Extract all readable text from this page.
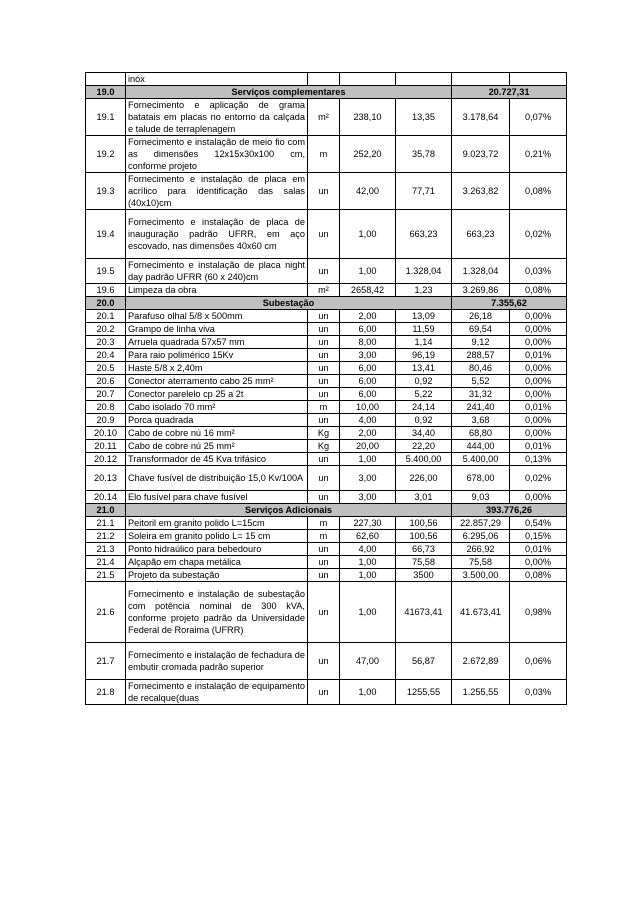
	inóx					
19.0	Serviços complementares				20.727,31	
19.1	Fornecimento e aplicação de grama batatais em placas no entorno da calçada e talude de terraplenagem	m²	238,10	13,35	3.178,64	0,07%
19.2	Fornecimento e instalação de meio fio com as dimensões 12x15x30x100 cm, conforme projeto	m	252,20	35,78	9.023,72	0,21%
19.3	Fornecimento e instalação de placa em acrílico para identificação das salas (40x10)cm	un	42,00	77,71	3.263,82	0,08%
19.4	Fornecimento e instalação de placa de inauguração padrão UFRR, em aço escovado, nas dimensões 40x60 cm	un	1,00	663,23	663,23	0,02%
19.5	Fornecimento e instalação de placa night day padrão UFRR (60 x 240)cm	un	1,00	1.328,04	1.328,04	0,03%
19.6	Limpeza da obra	m²	2658,42	1,23	3.269,86	0,08%
20.0	Subestação				7.355,62	
20.1	Parafuso olhal 5/8 x 500mm	un	2,00	13,09	26,18	0,00%
20.2	Grampo de linha viva	un	6,00	11,59	69,54	0,00%
20.3	Arruela quadrada 57x57 mm	un	8,00	1,14	9,12	0,00%
20.4	Para raio polimérico 15Kv	un	3,00	96,19	288,57	0,01%
20.5	Haste 5/8 x 2,40m	un	6,00	13,41	80,46	0,00%
20.6	Conector aterramento cabo 25 mm²	un	6,00	0,92	5,52	0,00%
20.7	Conector parelelo cp 25 a 2t	un	6,00	5,22	31,32	0,00%
20.8	Cabo isolado 70 mm²	m	10,00	24,14	241,40	0,01%
20.9	Porca quadrada	un	4,00	0,92	3,68	0,00%
20.10	Cabo de cobre nú 16 mm²	Kg	2,00	34,40	68,80	0,00%
20.11	Cabo de cobre nú 25 mm²	Kg	20,00	22,20	444,00	0,01%
20.12	Transformador de 45 Kva trifásico	un	1,00	5.400,00	5.400,00	0,13%
20.13	Chave fusível de distribuição 15,0 Kv/100A	un	3,00	226,00	678,00	0,02%
20.14	Elo fusível para chave fusível	un	3,00	3,01	9,03	0,00%
21.0	Serviços Adicionais				393.776,26	
21.1	Peitoril em granito polido L=15cm	m	227,30	100,56	22.857,29	0,54%
21.2	Soleira em granito polido L= 15 cm	m	62,60	100,56	6.295,06	0,15%
21.3	Ponto hidraúlico para bebedouro	un	4,00	66,73	266,92	0,01%
21.4	Alçapão em chapa metálica	un	1,00	75,58	75,58	0,00%
21.5	Projeto da subestação	un	1,00	3500	3.500,00	0,08%
21.6	Fornecimento e instalação de subestação com potência nominal de 300 kVA, conforme projeto padrão da Universidade Federal de Roraima (UFRR)	un	1,00	41673,41	41.673,41	0,98%
21.7	Fornecimento e instalação de fechadura de embutir cromada padrão superior	un	47,00	56,87	2.672,89	0,06%
21.8	Fornecimento e instalação de equipamento de recalque(duas	un	1,00	1255,55	1.255,55	0,03%
